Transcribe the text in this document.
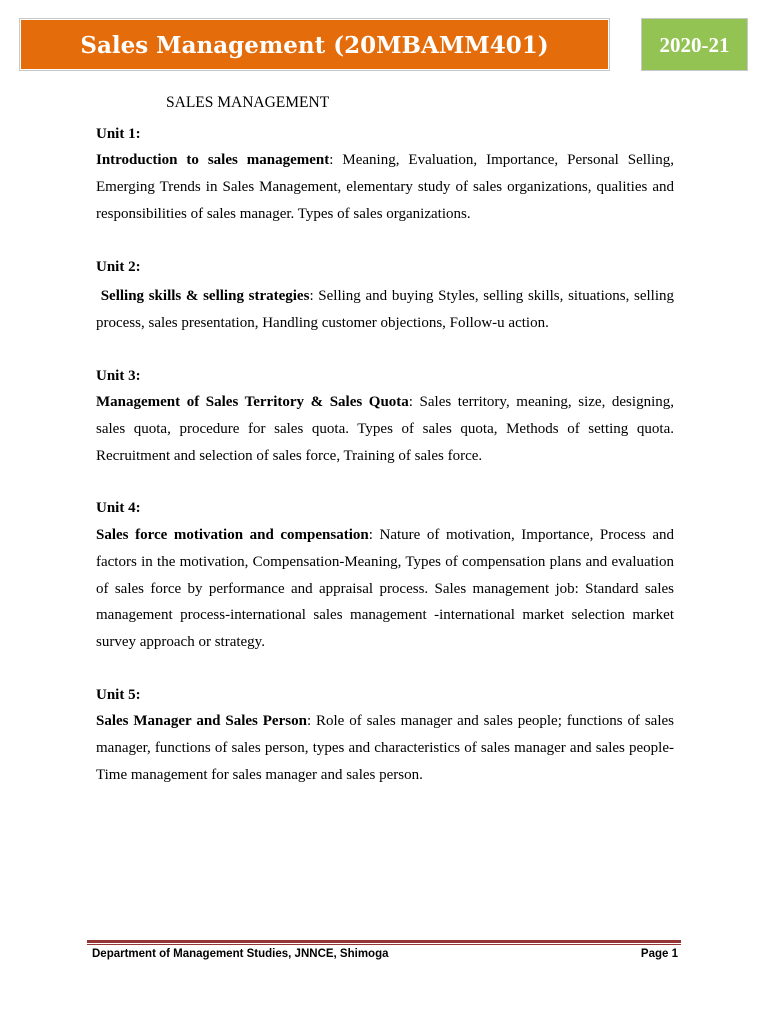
Sales Management (20MBAMM401)	2020-21
SALES MANAGEMENT

Unit 1:

Introduction to sales management: Meaning, Evaluation, Importance, Personal Selling, Emerging Trends in Sales Management, elementary study of sales organizations, qualities and responsibilities of sales manager. Types of sales organizations.

Unit 2:

Selling skills & selling strategies: Selling and buying Styles, selling skills, situations, selling process, sales presentation, Handling customer objections, Follow-u action.

Unit 3:

Management of Sales Territory & Sales Quota: Sales territory, meaning, size, designing, sales quota, procedure for sales quota. Types of sales quota, Methods of setting quota. Recruitment and selection of sales force, Training of sales force.

Unit 4:

Sales force motivation and compensation: Nature of motivation, Importance, Process and factors in the motivation, Compensation-Meaning, Types of compensation plans and evaluation of sales force by performance and appraisal process. Sales management job: Standard sales management process-international sales management -international market selection market survey approach or strategy.

Unit 5:

Sales Manager and Sales Person: Role of sales manager and sales people; functions of sales manager, functions of sales person, types and characteristics of sales manager and sales people-Time management for sales manager and sales person.

Department of Management Studies, JNNCE, Shimoga	Page 1
